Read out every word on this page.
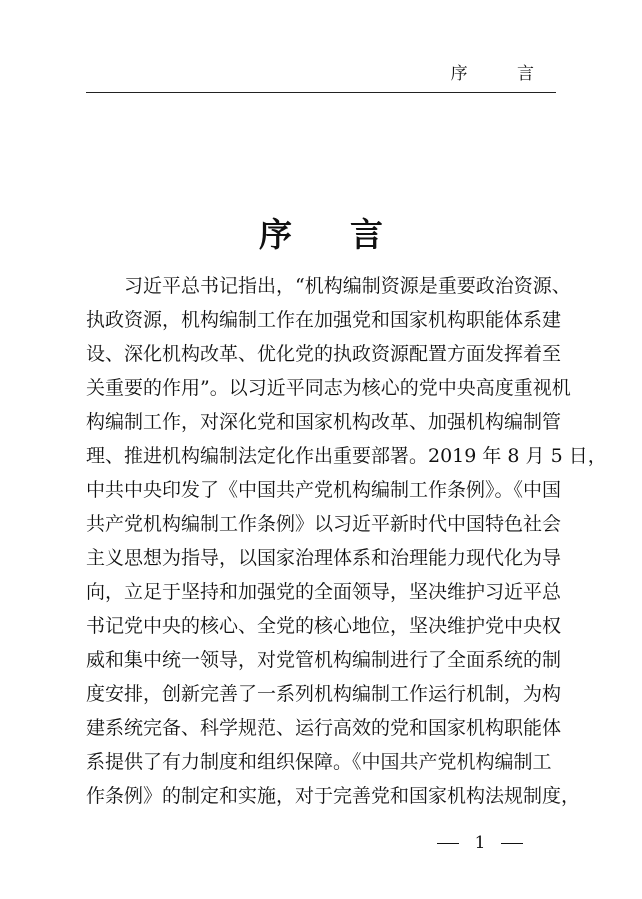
序 言
序言
习近平总书记指出，“机构编制资源是重要政治资源、
执政资源，机构编制工作在加强党和国家机构职能体系建
设、深化机构改革、优化党的执政资源配置方面发挥着至
关重要的作用”。以习近平同志为核心的党中央高度重视机
构编制工作，对深化党和国家机构改革、加强机构编制管
理、推进机构编制法定化作出重要部署。2019 年 8 月 5 日，
中共中央印发了《中国共产党机构编制工作条例》。《中国
共产党机构编制工作条例》以习近平新时代中国特色社会
主义思想为指导，以国家治理体系和治理能力现代化为导
向，立足于坚持和加强党的全面领导，坚决维护习近平总
书记党中央的核心、全党的核心地位，坚决维护党中央权
威和集中统一领导，对党管机构编制进行了全面系统的制
度安排，创新完善了一系列机构编制工作运行机制，为构
建系统完备、科学规范、运行高效的党和国家机构职能体
系提供了有力制度和组织保障。《中国共产党机构编制工
作条例》的制定和实施，对于完善党和国家机构法规制度，
1
